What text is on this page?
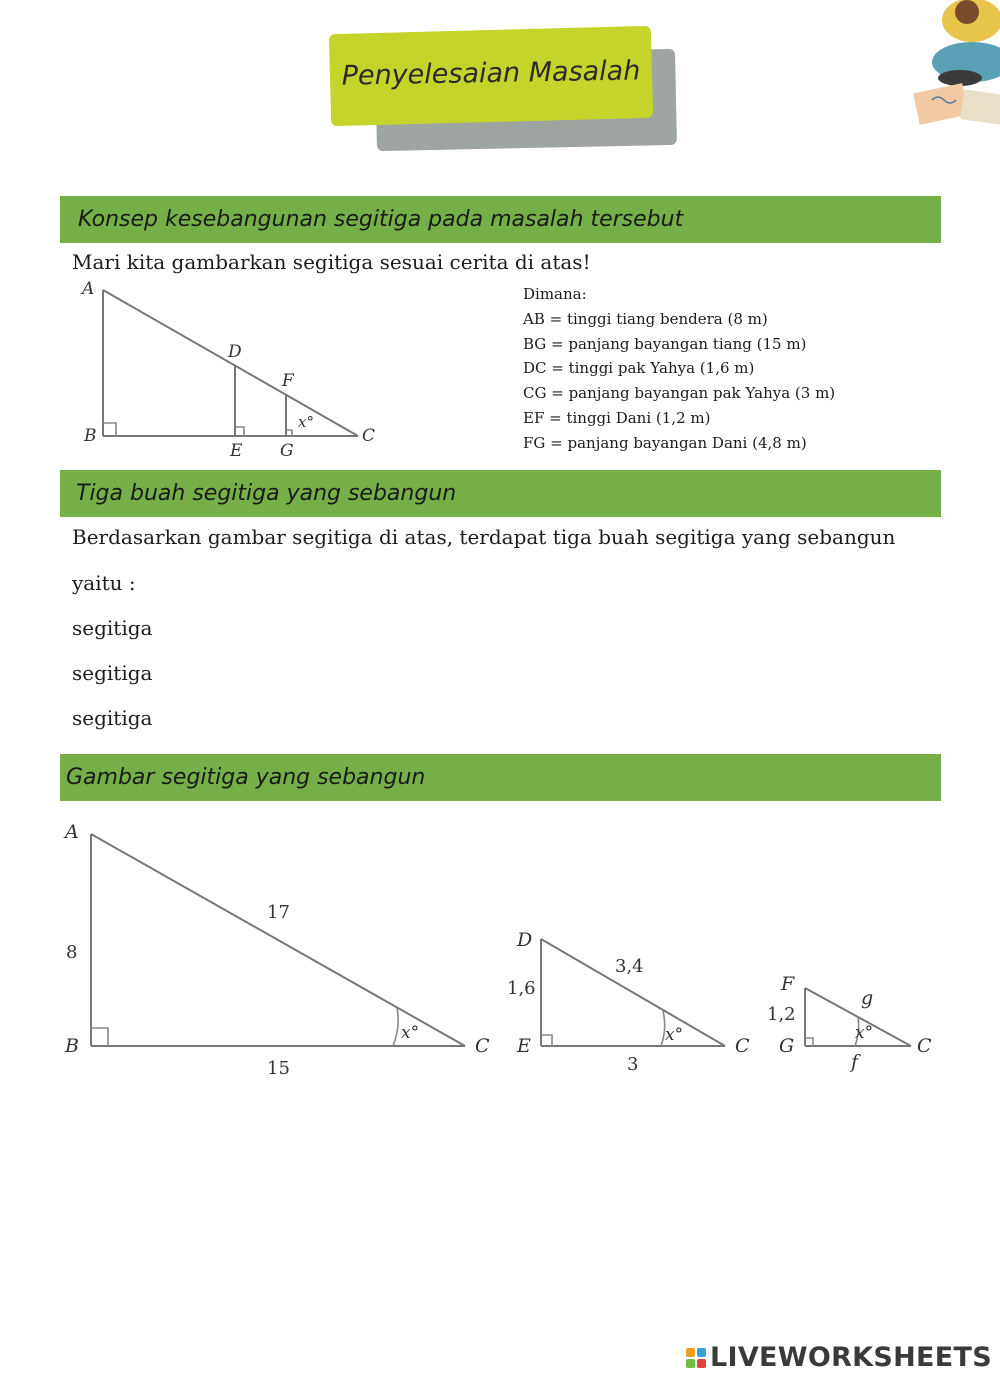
Penyelesaian Masalah
Konsep kesebangunan segitiga pada masalah tersebut
Mari kita gambarkan segitiga sesuai cerita di atas!
A
B	C
D
E
F
G
x°
Dimana:
AB = tinggi tiang bendera (8 m)
BG = panjang bayangan tiang (15 m)
DC = tinggi pak Yahya (1,6 m)
CG = panjang bayangan pak Yahya (3 m)
EF = tinggi Dani (1,2 m)
FG = panjang bayangan Dani (4,8 m)
Tiga buah segitiga yang sebangun
Berdasarkan gambar segitiga di atas, terdapat tiga buah segitiga yang sebangun
yaitu :
segitiga
segitiga
segitiga
Gambar segitiga yang sebangun
A
B	C
8
17
15
x°
D
E	C
1,6
3,4
3
x°
F
G	C
1,2
g
f
x°
LIVEWORKSHEETS
